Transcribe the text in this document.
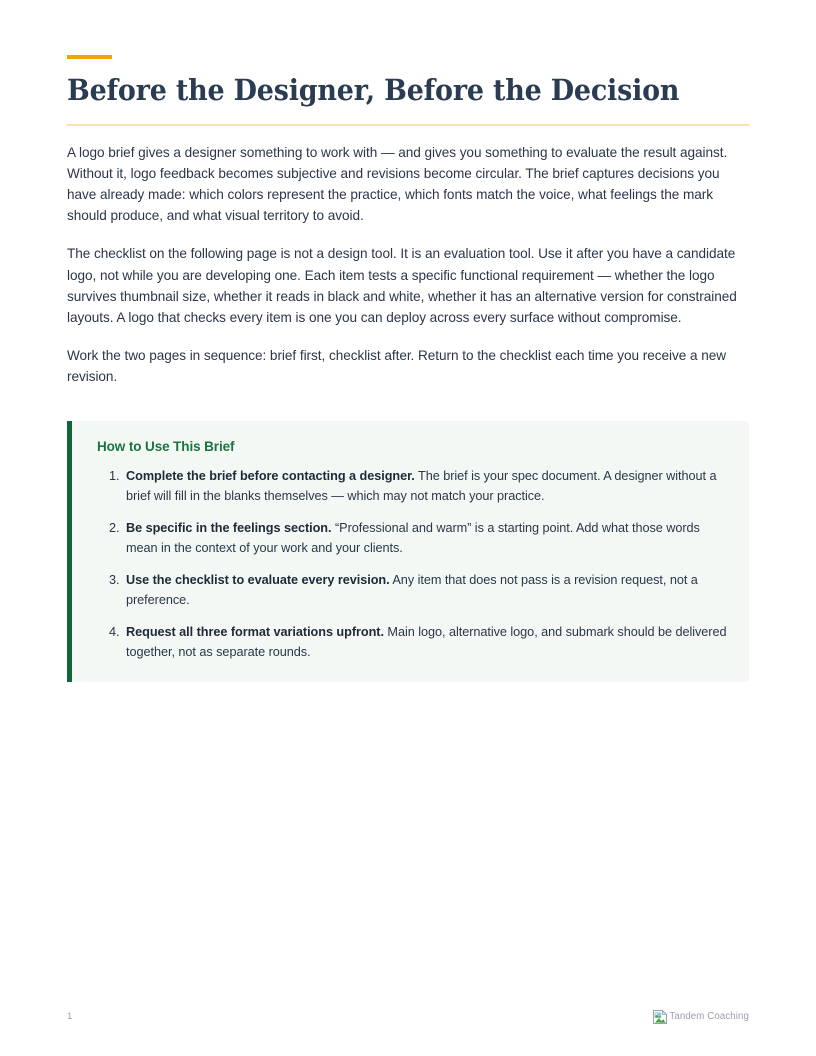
Before the Designer, Before the Decision

A logo brief gives a designer something to work with — and gives you something to evaluate the result against. Without it, logo feedback becomes subjective and revisions become circular. The brief captures decisions you have already made: which colors represent the practice, which fonts match the voice, what feelings the mark should produce, and what visual territory to avoid.

The checklist on the following page is not a design tool. It is an evaluation tool. Use it after you have a candidate logo, not while you are developing one. Each item tests a specific functional requirement — whether the logo survives thumbnail size, whether it reads in black and white, whether it has an alternative version for constrained layouts. A logo that checks every item is one you can deploy across every surface without compromise.

Work the two pages in sequence: brief first, checklist after. Return to the checklist each time you receive a new revision.

How to Use This Brief
1. Complete the brief before contacting a designer. The brief is your spec document. A designer without a brief will fill in the blanks themselves — which may not match your practice.
2. Be specific in the feelings section. “Professional and warm” is a starting point. Add what those words mean in the context of your work and your clients.
3. Use the checklist to evaluate every revision. Any item that does not pass is a revision request, not a preference.
4. Request all three format variations upfront. Main logo, alternative logo, and submark should be delivered together, not as separate rounds.
1	Tandem Coaching
